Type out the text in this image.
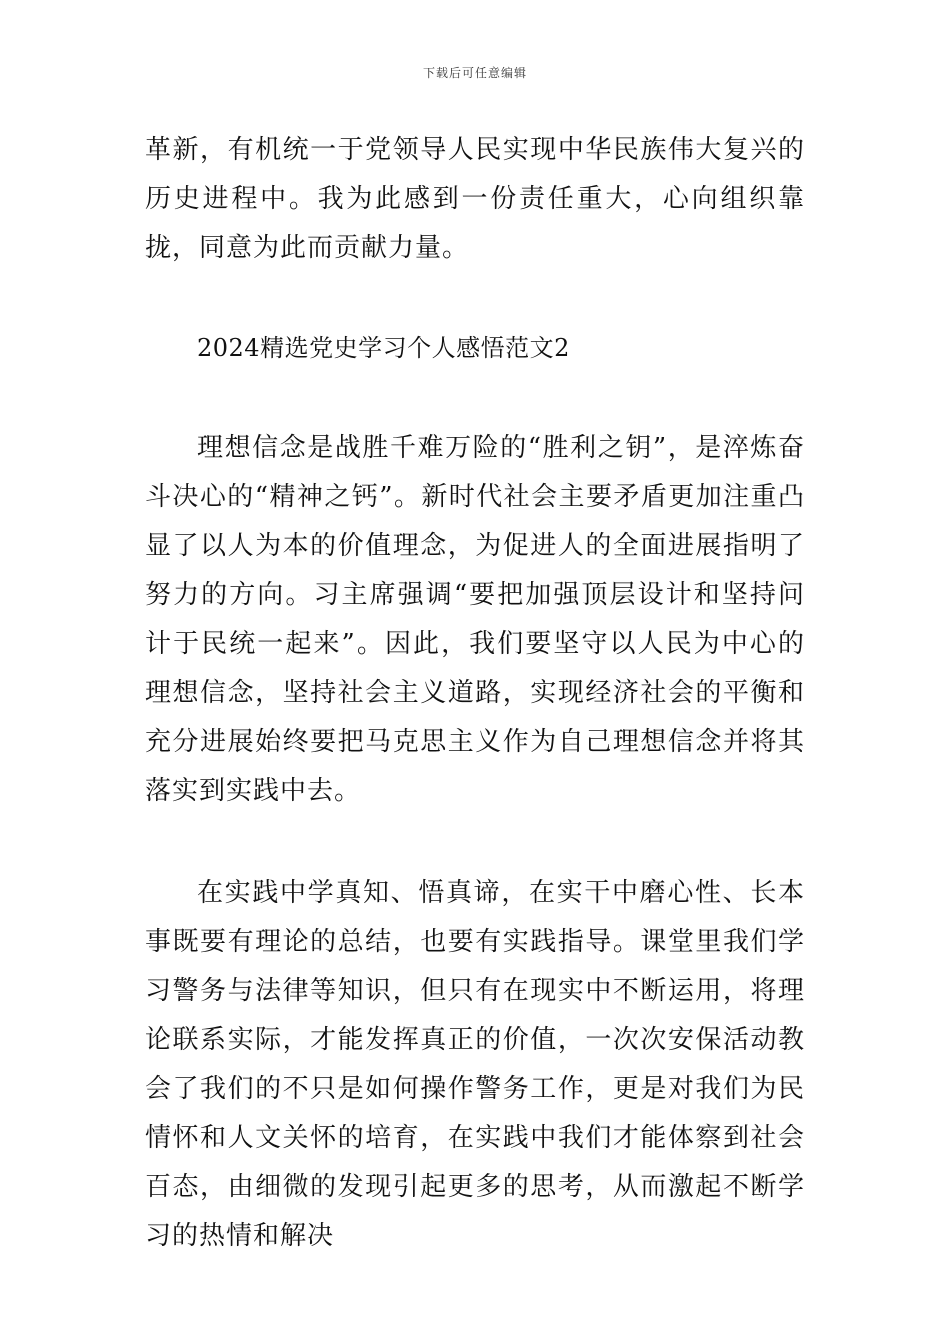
下载后可任意编辑
革新，有机统一于党领导人民实现中华民族伟大复兴的历史进程中。我为此感到一份责任重大，心向组织靠拢，同意为此而贡献力量。
2024精选党史学习个人感悟范文2
理想信念是战胜千难万险的“胜利之钥”，是淬炼奋斗决心的“精神之钙”。新时代社会主要矛盾更加注重凸显了以人为本的价值理念，为促进人的全面进展指明了努力的方向。习主席强调“要把加强顶层设计和坚持问计于民统一起来”。因此，我们要坚守以人民为中心的理想信念，坚持社会主义道路，实现经济社会的平衡和充分进展始终要把马克思主义作为自己理想信念并将其落实到实践中去。
在实践中学真知、悟真谛，在实干中磨心性、长本事既要有理论的总结，也要有实践指导。课堂里我们学习警务与法律等知识，但只有在现实中不断运用，将理论联系实际，才能发挥真正的价值，一次次安保活动教会了我们的不只是如何操作警务工作，更是对我们为民情怀和人文关怀的培育，在实践中我们才能体察到社会百态，由细微的发现引起更多的思考，从而激起不断学习的热情和解决
